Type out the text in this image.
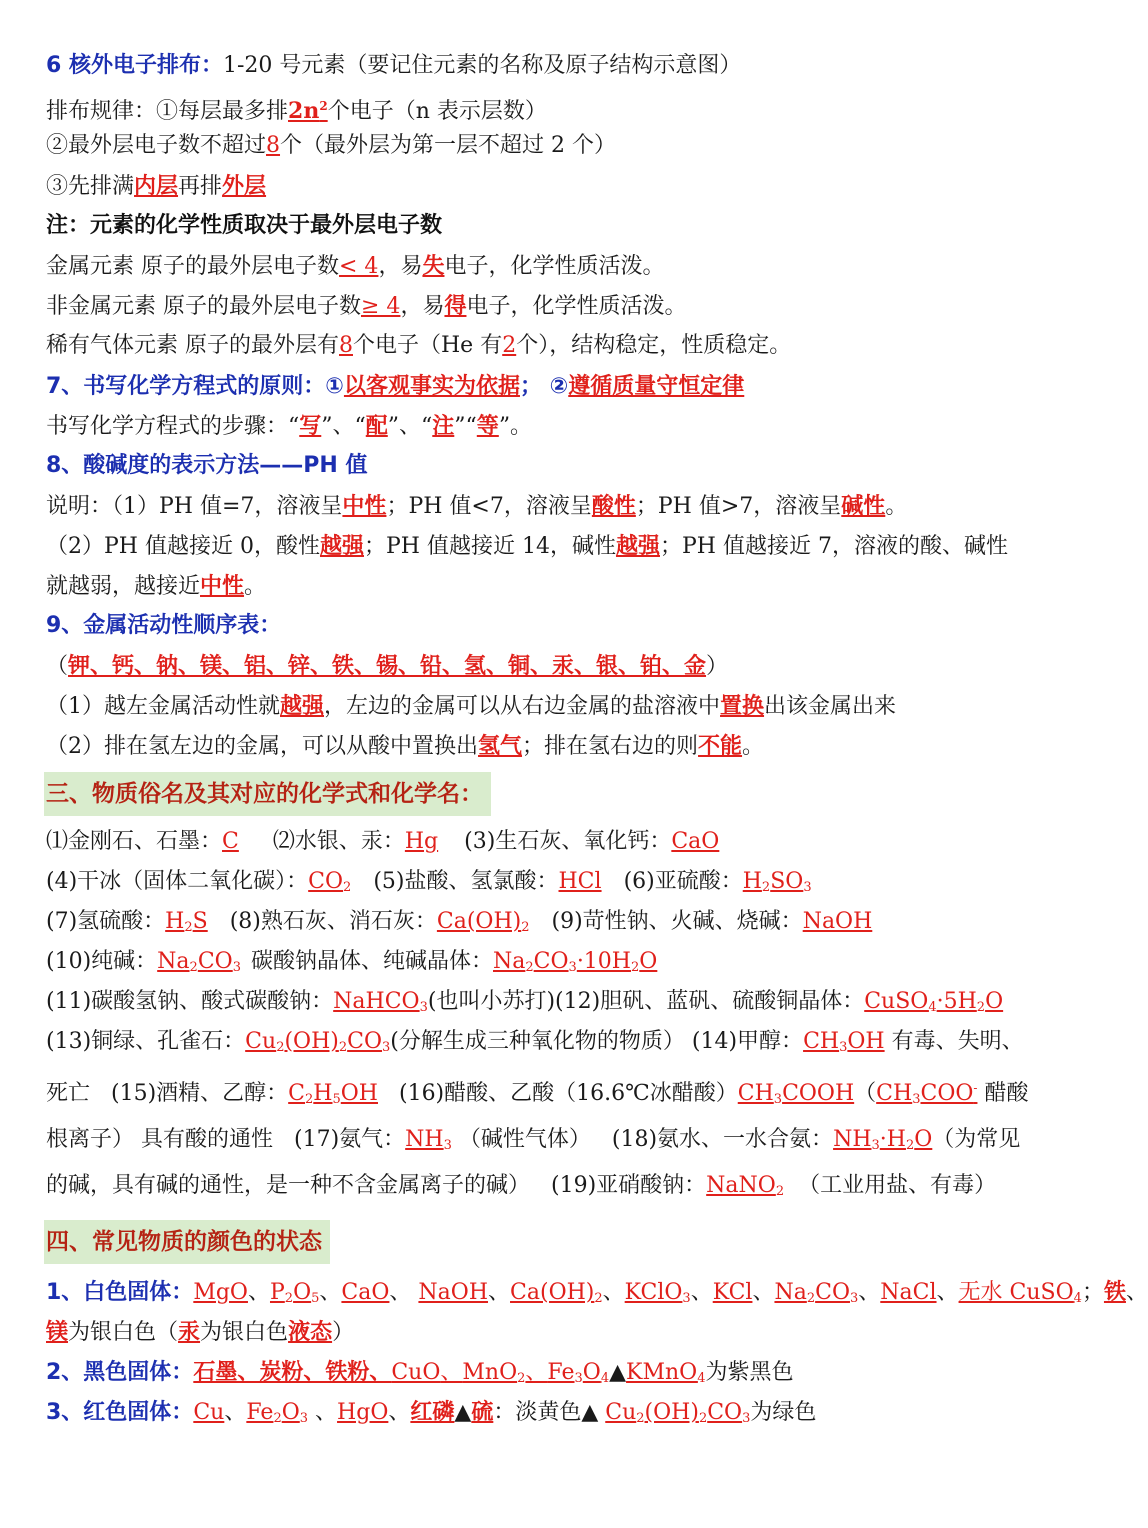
6 核外电子排布：1-20 号元素（要记住元素的名称及原子结构示意图）
排布规律：①每层最多排$2n^2$个电子（n 表示层数）
②最外层电子数不超过8个（最外层为第一层不超过 2 个）
③先排满内层再排外层
注：元素的化学性质取决于最外层电子数
金属元素 原子的最外层电子数< 4，易失电子，化学性质活泼。
非金属元素 原子的最外层电子数≥ 4，易得电子，化学性质活泼。
稀有气体元素 原子的最外层有8个电子（He 有2个），结构稳定，性质稳定。
7、书写化学方程式的原则：①以客观事实为依据； ②遵循质量守恒定律
书写化学方程式的步骤：“写”、“配”、“注”“等”。
8、酸碱度的表示方法——PH 值
说明：（1）PH 值=7，溶液呈中性；PH 值<7，溶液呈酸性；PH 值>7，溶液呈碱性。
（2）PH 值越接近 0，酸性越强；PH 值越接近 14，碱性越强；PH 值越接近 7，溶液的酸、碱性
就越弱，越接近中性。
9、金属活动性顺序表：
（钾、钙、钠、镁、铝、锌、铁、锡、铅、氢、铜、汞、银、铂、金）
（1）越左金属活动性就越强，左边的金属可以从右边金属的盐溶液中置换出该金属出来
（2）排在氢左边的金属，可以从酸中置换出氢气；排在氢右边的则不能。
三、物质俗名及其对应的化学式和化学名：
⑴金刚石、石墨：C ⑵水银、汞：Hg (3)生石灰、氧化钙：CaO
(4)干冰（固体二氧化碳）：$CO_2$ (5)盐酸、氢氯酸：HCl (6)亚硫酸：$H_2SO_3$
(7)氢硫酸：$H_2S$ (8)熟石灰、消石灰：$Ca(OH)_2$ (9)苛性钠、火碱、烧碱：NaOH
(10)纯碱：$Na_2CO_3$ 碳酸钠晶体、纯碱晶体：$Na_2CO_3\cdot 10H_2O$
(11)碳酸氢钠、酸式碳酸钠：NaHCO$_3$(也叫小苏打)(12)胆矾、蓝矾、硫酸铜晶体：$CuSO_4\cdot 5H_2O$
(13)铜绿、孔雀石：$Cu_2(OH)_2CO_3$(分解生成三种氧化物的物质） (14)甲醇：$CH_3OH$ 有毒、失明、死亡 (15)酒精、乙醇：$C_2H_5OH$ (16)醋酸、乙酸（16.6℃冰醋酸）$CH_3COOH(CH_3COO^-$ 醋酸根离子） 具有酸的通性 (17)氨气：$NH_3$ （碱性气体） (18)氨水、一水合氨：$NH_3\cdot H_2O$（为常见的碱，具有碱的通性，是一种不含金属离子的碱） (19)亚硝酸钠：NaNO$_2$ （工业用盐、有毒）
四、常见物质的颜色的状态
1、白色固体：MgO、$P_2O_5$、CaO、 NaOH、$Ca(OH)_2$、KClO$_3$、KCl、$Na_2CO_3$、NaCl、无水 CuSO$_4$；铁、
镁为银白色（汞为银白色液态）
2、黑色固体：石墨、炭粉、铁粉、CuO、MnO$_2$、$Fe_3O_4▲KMnO_4$为紫黑色
3、红色固体：Cu、$Fe_2O_3$ 、HgO、红磷▲硫：淡黄色▲ $Cu_2(OH)_2CO_3$为绿色
